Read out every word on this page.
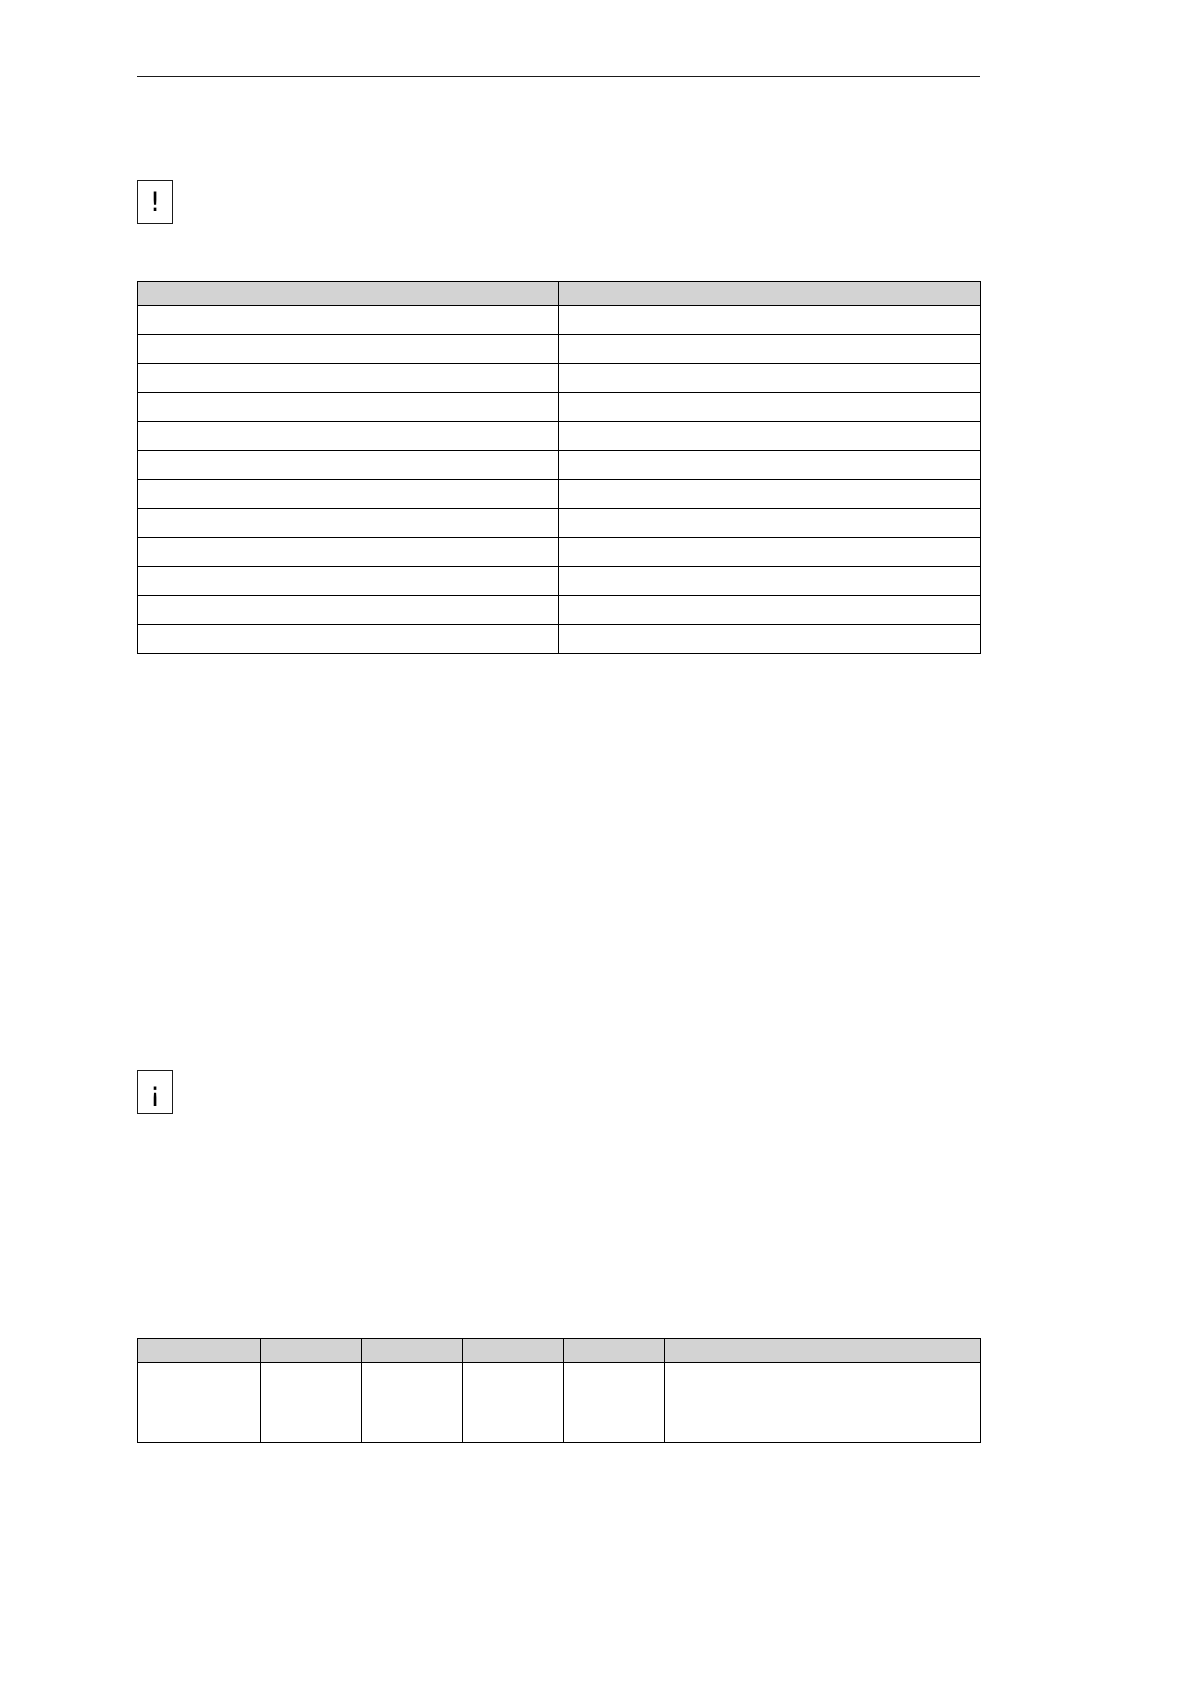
!

¡
